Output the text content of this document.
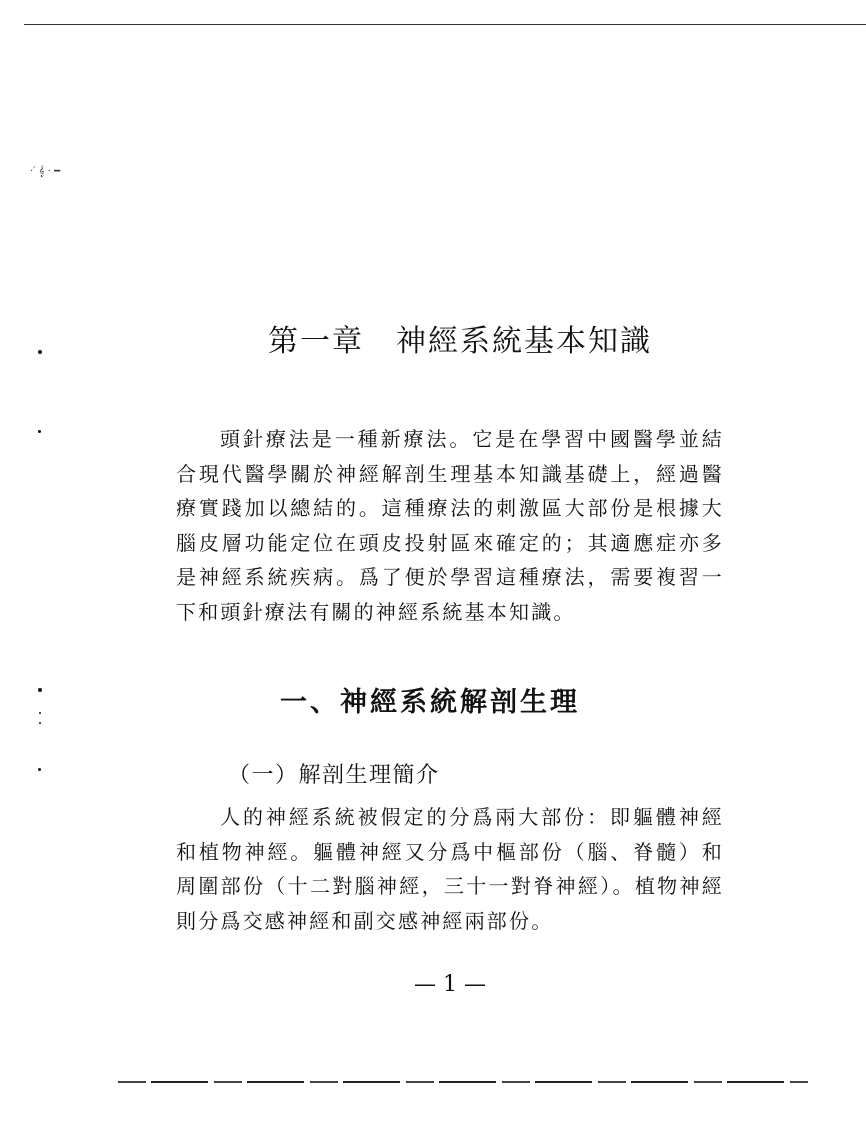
·′ 𝄞 · ━
第一章 神經系統基本知識

頭針療法是一種新療法。它是在學習中國醫學並結合現代醫學關於神經解剖生理基本知識基礎上，經過醫療實踐加以總結的。這種療法的刺激區大部份是根據大腦皮層功能定位在頭皮投射區來確定的；其適應症亦多是神經系統疾病。爲了便於學習這種療法，需要複習一下和頭針療法有關的神經系統基本知識。

一、神經系統解剖生理
（一）解剖生理簡介

人的神經系統被假定的分爲兩大部份：即軀體神經和植物神經。軀體神經又分爲中樞部份（腦、脊髓）和周圍部份（十二對腦神經，三十一對脊神經）。植物神經則分爲交感神經和副交感神經兩部份。

— 1 —
